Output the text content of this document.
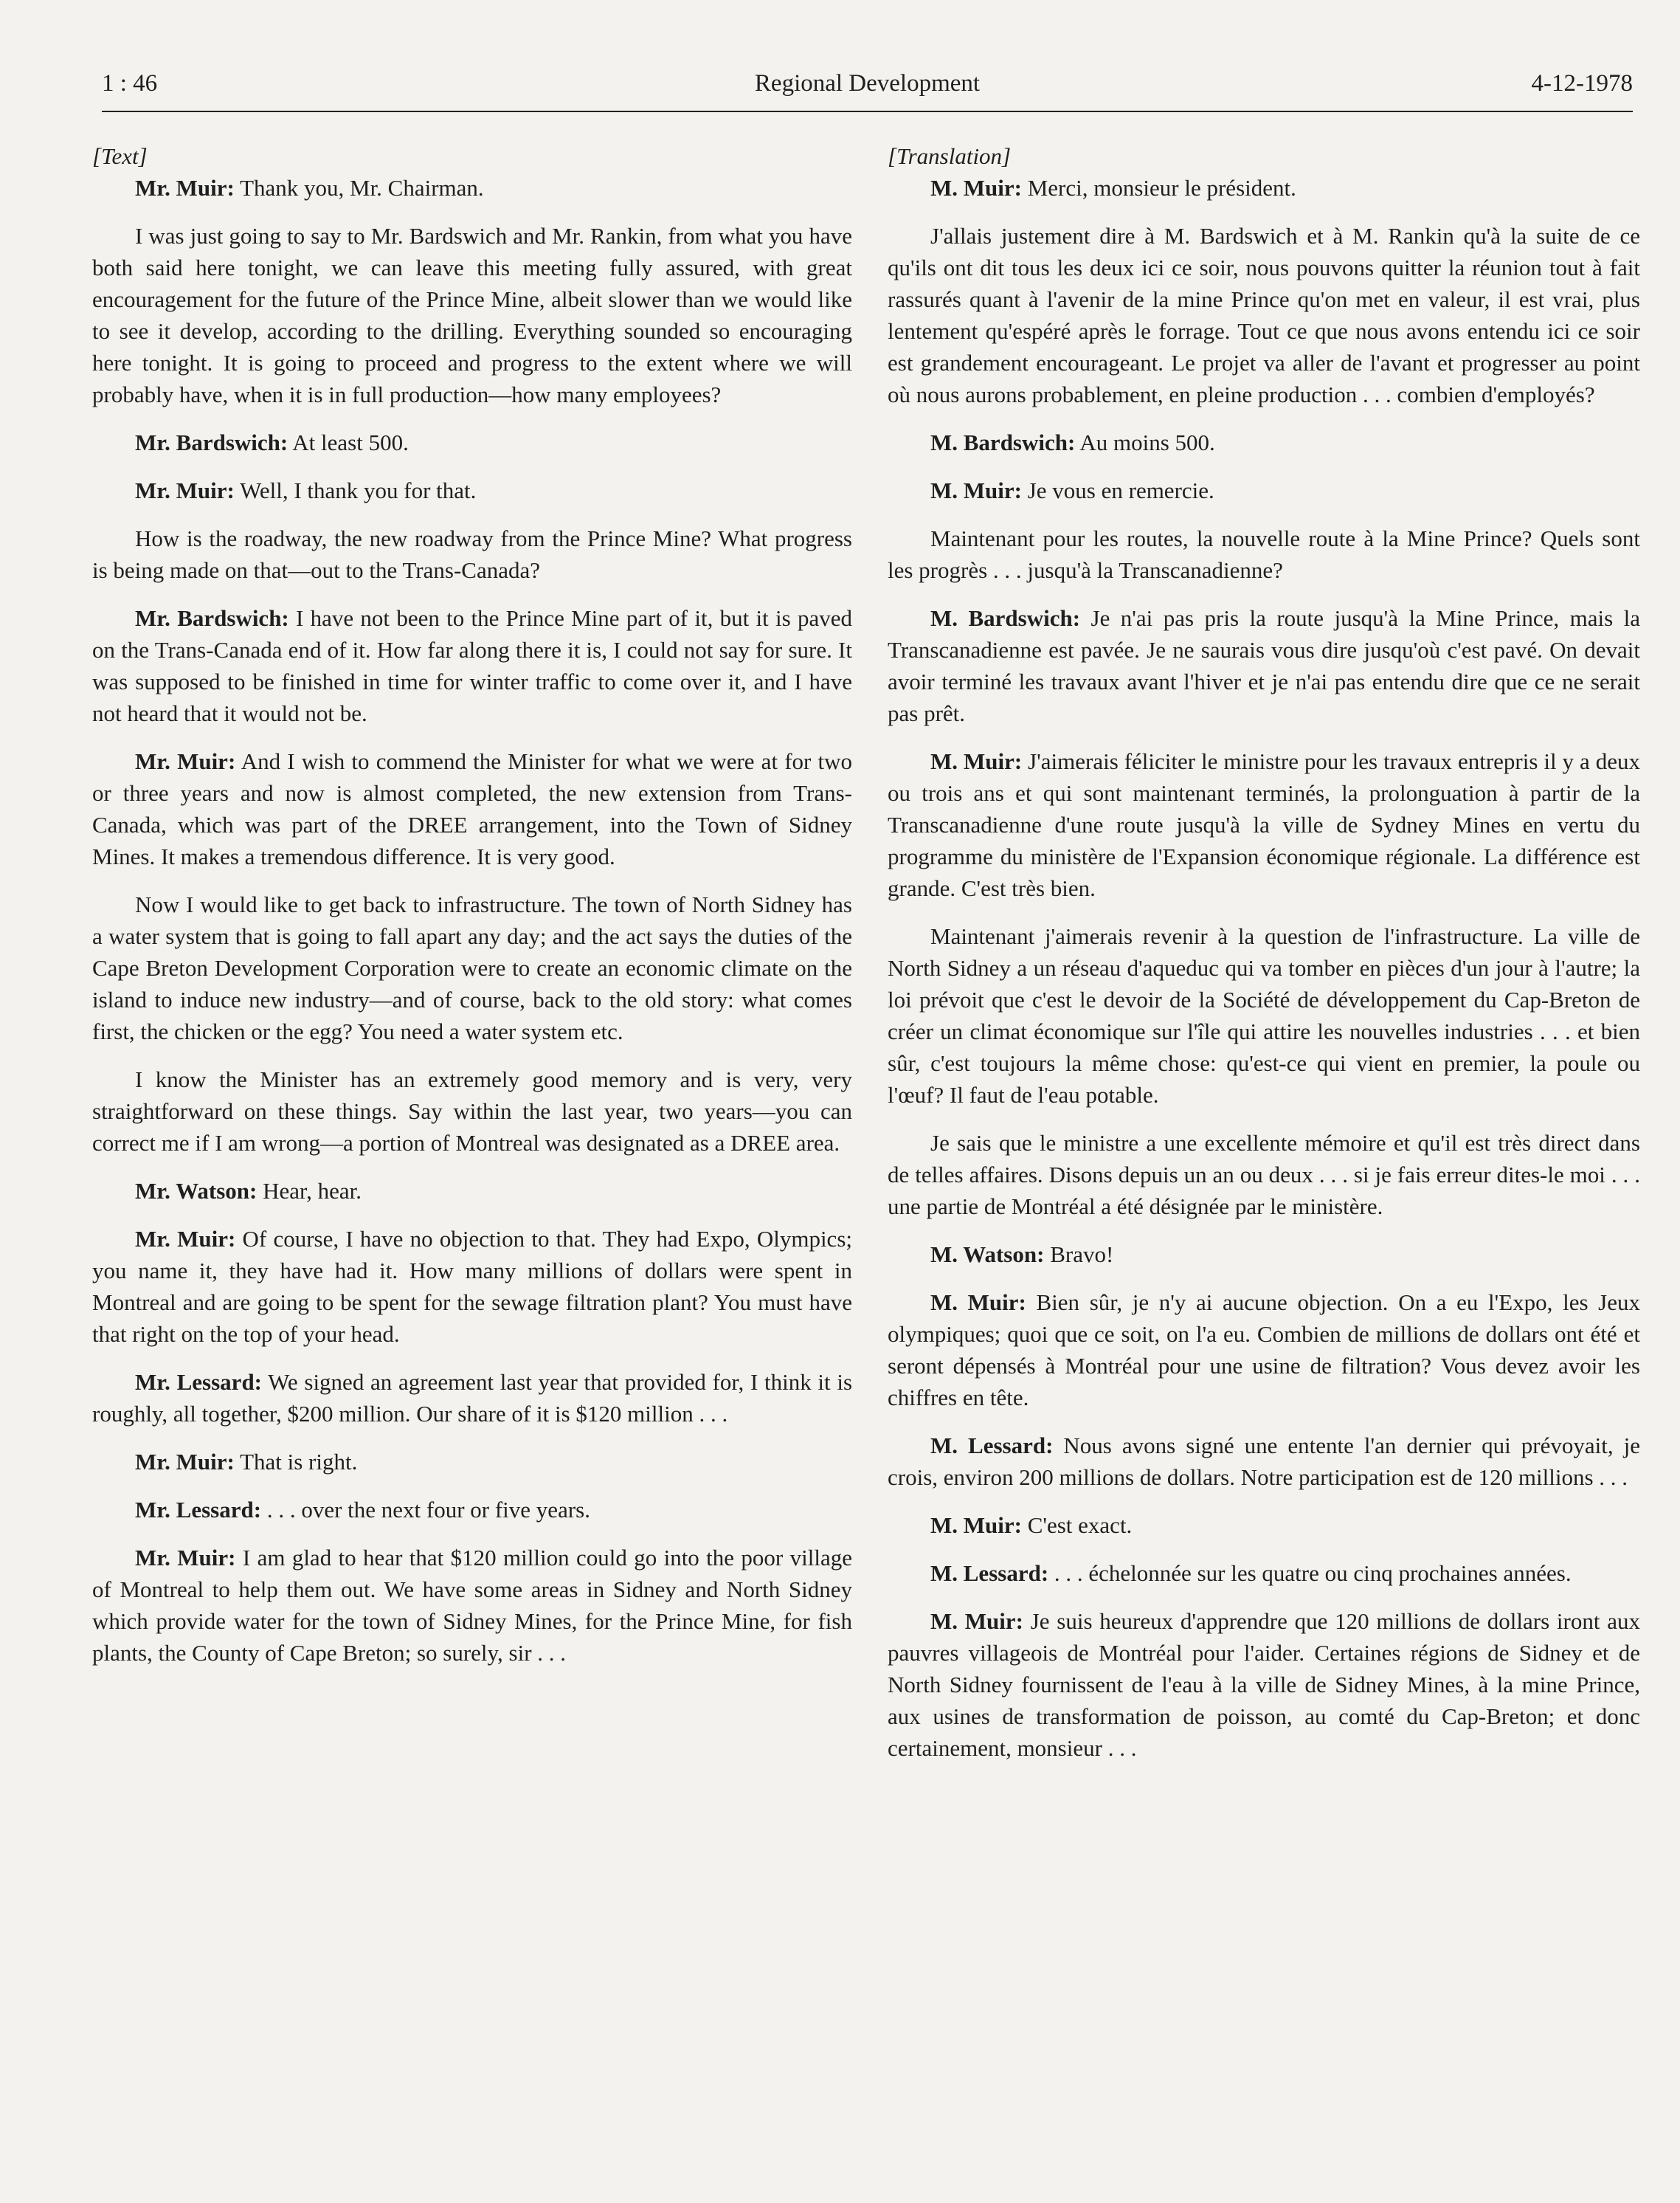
1 : 46	Regional Development	4-12-1978

[Text]

Mr. Muir: Thank you, Mr. Chairman.

I was just going to say to Mr. Bardswich and Mr. Rankin, from what you have both said here tonight, we can leave this meeting fully assured, with great encouragement for the future of the Prince Mine, albeit slower than we would like to see it develop, according to the drilling. Everything sounded so encouraging here tonight. It is going to proceed and progress to the extent where we will probably have, when it is in full production—how many employees?

Mr. Bardswich: At least 500.

Mr. Muir: Well, I thank you for that.

How is the roadway, the new roadway from the Prince Mine? What progress is being made on that—out to the Trans-Canada?

Mr. Bardswich: I have not been to the Prince Mine part of it, but it is paved on the Trans-Canada end of it. How far along there it is, I could not say for sure. It was supposed to be finished in time for winter traffic to come over it, and I have not heard that it would not be.

Mr. Muir: And I wish to commend the Minister for what we were at for two or three years and now is almost completed, the new extension from Trans-Canada, which was part of the DREE arrangement, into the Town of Sidney Mines. It makes a tremendous difference. It is very good.

Now I would like to get back to infrastructure. The town of North Sidney has a water system that is going to fall apart any day; and the act says the duties of the Cape Breton Development Corporation were to create an economic climate on the island to induce new industry—and of course, back to the old story: what comes first, the chicken or the egg? You need a water system etc.

I know the Minister has an extremely good memory and is very, very straightforward on these things. Say within the last year, two years—you can correct me if I am wrong—a portion of Montreal was designated as a DREE area.

Mr. Watson: Hear, hear.

Mr. Muir: Of course, I have no objection to that. They had Expo, Olympics; you name it, they have had it. How many millions of dollars were spent in Montreal and are going to be spent for the sewage filtration plant? You must have that right on the top of your head.

Mr. Lessard: We signed an agreement last year that provided for, I think it is roughly, all together, $200 million. Our share of it is $120 million . . .

Mr. Muir: That is right.

Mr. Lessard: . . . over the next four or five years.

Mr. Muir: I am glad to hear that $120 million could go into the poor village of Montreal to help them out. We have some areas in Sidney and North Sidney which provide water for the town of Sidney Mines, for the Prince Mine, for fish plants, the County of Cape Breton; so surely, sir . . .

[Translation]

M. Muir: Merci, monsieur le président.

J'allais justement dire à M. Bardswich et à M. Rankin qu'à la suite de ce qu'ils ont dit tous les deux ici ce soir, nous pouvons quitter la réunion tout à fait rassurés quant à l'avenir de la mine Prince qu'on met en valeur, il est vrai, plus lentement qu'espéré après le forrage. Tout ce que nous avons entendu ici ce soir est grandement encourageant. Le projet va aller de l'avant et progresser au point où nous aurons probablement, en pleine production . . . combien d'employés?

M. Bardswich: Au moins 500.

M. Muir: Je vous en remercie.

Maintenant pour les routes, la nouvelle route à la Mine Prince? Quels sont les progrès . . . jusqu'à la Transcanadienne?

M. Bardswich: Je n'ai pas pris la route jusqu'à la Mine Prince, mais la Transcanadienne est pavée. Je ne saurais vous dire jusqu'où c'est pavé. On devait avoir terminé les travaux avant l'hiver et je n'ai pas entendu dire que ce ne serait pas prêt.

M. Muir: J'aimerais féliciter le ministre pour les travaux entrepris il y a deux ou trois ans et qui sont maintenant terminés, la prolonguation à partir de la Transcanadienne d'une route jusqu'à la ville de Sydney Mines en vertu du programme du ministère de l'Expansion économique régionale. La différence est grande. C'est très bien.

Maintenant j'aimerais revenir à la question de l'infrastructure. La ville de North Sidney a un réseau d'aqueduc qui va tomber en pièces d'un jour à l'autre; la loi prévoit que c'est le devoir de la Société de développement du Cap-Breton de créer un climat économique sur l'île qui attire les nouvelles industries . . . et bien sûr, c'est toujours la même chose: qu'est-ce qui vient en premier, la poule ou l'œuf? Il faut de l'eau potable.

Je sais que le ministre a une excellente mémoire et qu'il est très direct dans de telles affaires. Disons depuis un an ou deux . . . si je fais erreur dites-le moi . . . une partie de Montréal a été désignée par le ministère.

M. Watson: Bravo!

M. Muir: Bien sûr, je n'y ai aucune objection. On a eu l'Expo, les Jeux olympiques; quoi que ce soit, on l'a eu. Combien de millions de dollars ont été et seront dépensés à Montréal pour une usine de filtration? Vous devez avoir les chiffres en tête.

M. Lessard: Nous avons signé une entente l'an dernier qui prévoyait, je crois, environ 200 millions de dollars. Notre participation est de 120 millions . . .

M. Muir: C'est exact.

M. Lessard: . . . échelonnée sur les quatre ou cinq prochaines années.

M. Muir: Je suis heureux d'apprendre que 120 millions de dollars iront aux pauvres villageois de Montréal pour l'aider. Certaines régions de Sidney et de North Sidney fournissent de l'eau à la ville de Sidney Mines, à la mine Prince, aux usines de transformation de poisson, au comté du Cap-Breton; et donc certainement, monsieur . . .
